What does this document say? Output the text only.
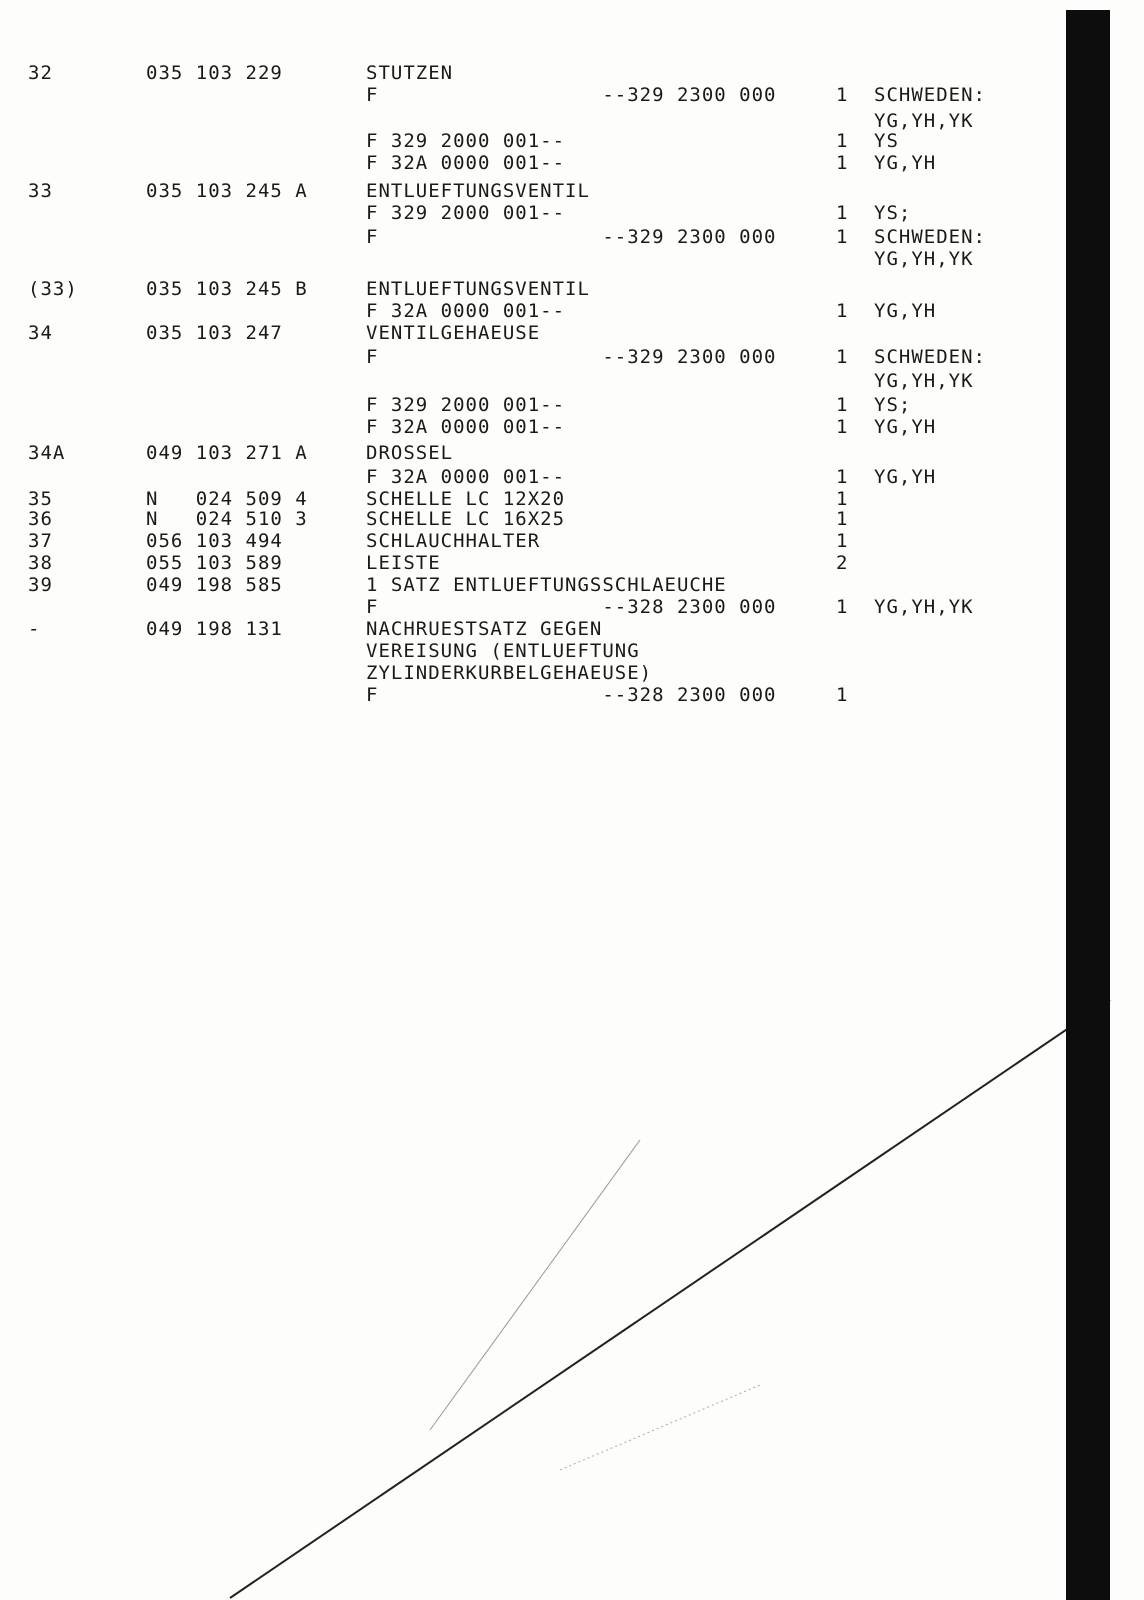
32	035 103 229	STUTZEN
F                  --329 2300 000	1 SCHWEDEN:
YG,YH,YK
F 329 2000 001--	1 YS
F 32A 0000 001--	1 YG,YH
33	035 103 245 A	ENTLUEFTUNGSVENTIL
F 329 2000 001--	1 YS;
F                  --329 2300 000	1 SCHWEDEN:
YG,YH,YK
(33)	035 103 245 B	ENTLUEFTUNGSVENTIL
F 32A 0000 001--	1 YG,YH
34	035 103 247	VENTILGEHAEUSE
F                  --329 2300 000	1 SCHWEDEN:
YG,YH,YK
F 329 2000 001--	1 YS;
F 32A 0000 001--	1 YG,YH
34A	049 103 271 A	DROSSEL
F 32A 0000 001--	1 YG,YH
35	N   024 509 4	SCHELLE LC 12X20	1
36	N   024 510 3	SCHELLE LC 16X25	1
37	056 103 494	SCHLAUCHHALTER	1
38	055 103 589	LEISTE	2
39	049 198 585	1 SATZ ENTLUEFTUNGSSCHLAEUCHE
F                  --328 2300 000	1 YG,YH,YK
-	049 198 131	NACHRUESTSATZ GEGEN
VEREISUNG (ENTLUEFTUNG
ZYLINDERKURBELGEHAEUSE)
F                  --328 2300 000	1
